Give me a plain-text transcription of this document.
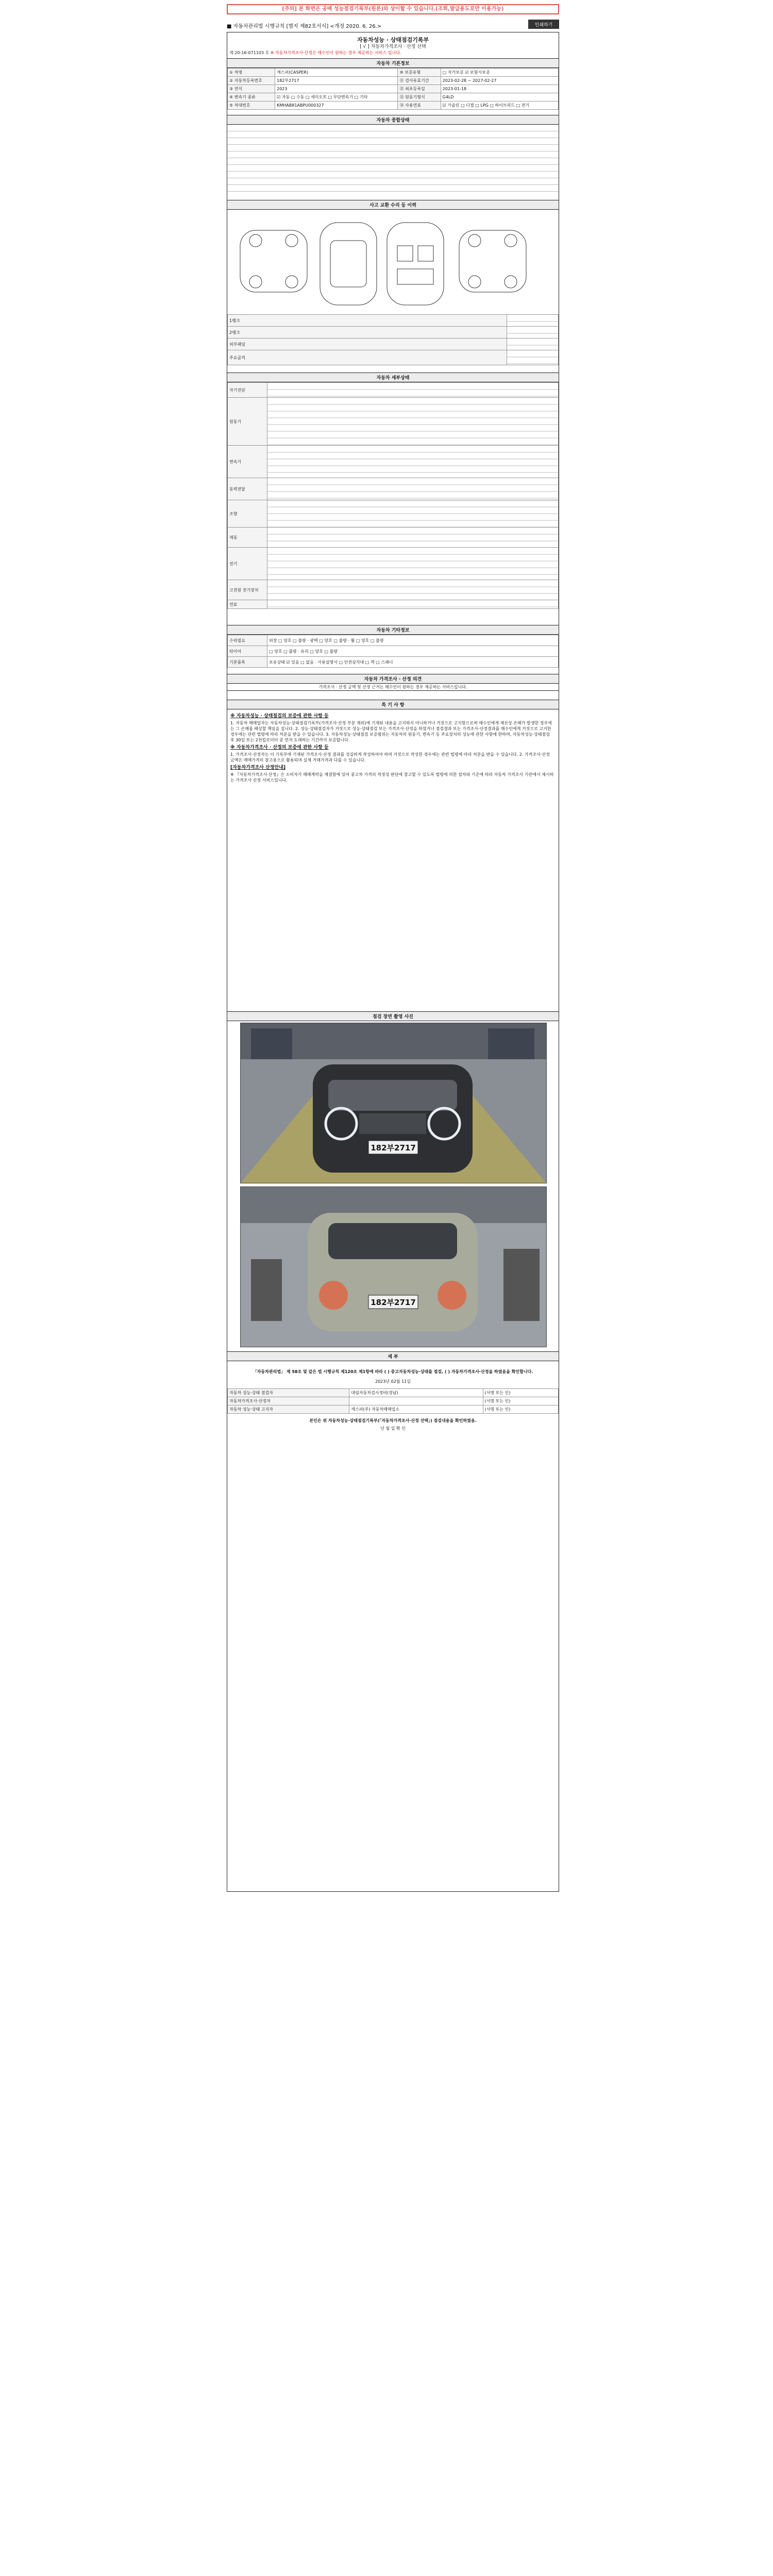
[주의] 본 화면은 공배 성능점검기록부(원본)와 상이할 수 있습니다.(조회,발급용도로만 이용가능)
■ 자동차관리법 시행규칙 [별지 제82호서식] <개정 2020. 6. 26.>	인쇄하기
자동차성능 · 상태점검기록부
[ √ ] 자동차가격조사 · 산정 선택
제 20-16-071103 호 ※ 자동차가격조사·산정은 매수인이 원하는 경우 제공하는 서비스 입니다.
자동차 기본정보
① 차명	캐스퍼(CASPER)	⑩ 보증유형	□ 자가보증 ☑ 보험사보증
② 자동차등록번호	182부2717	⑪ 검사유효기간	2023-02-28 ~ 2027-02-27
③ 연식	2023	⑫ 최초등록일	2023-01-18
④ 변속기 종류	☑ 자동 □ 수동 □ 세미오토 □ 무단변속기 □ 기타	⑬ 원동기형식	G4LD
⑤ 차대번호	KMHAB81ABPU000327	⑭ 사용연료	☑ 가솔린 □ 디젤 □ LPG □ 하이브리드 □ 전기
자동차 종합상태
사고 교환 수리 등 이력
1랭크	
2랭크	
외부패널	
주요골격	
자동차 세부상태
자기진단	
원동기	
변속기	
동력전달	
조향	
제동	
전기	
고전원 전기장치	
연료	
자동차 기타정보
수리필요	외장 □ 양호 □ 불량 · 광택 □ 양호 □ 불량 · 휠 □ 양호 □ 불량
타이어	□ 양호 □ 불량 · 유리 □ 양호 □ 불량
기본품목	보유상태 ☑ 있음 □ 없음 · 사용설명서 □ 안전삼각대 □ 잭 □ 스패너
자동차 가격조사 · 산정 의견
가격조사 · 산정 금액 및 산정 근거는 매수인이 원하는 경우 제공하는 서비스입니다.
특 기 사 항
※ 자동차성능 · 상태점검의 보증에 관한 사항 등

1. 자동차 매매업자는 자동차성능·상태점검기록부(가격조사·산정 부분 제외)에 기재된 내용을 고지하지 아니하거나 거짓으로 고지함으로써 매수인에게 재산상 손해가 발생한 경우에는 그 손해를 배상할 책임을 집니다. 2. 성능·상태점검자가 거짓으로 성능·상태점검 또는 가격조사·산정을 하였거나 점검결과 또는 가격조사·산정결과를 매수인에게 거짓으로 고지한 경우에는 관련 법령에 따라 처분을 받을 수 있습니다. 3. 자동차성능·상태점검 보증범위는 자동차의 원동기, 변속기 등 주요장치의 성능에 관한 사항에 한하며, 자동차성능·상태점검 후 30일 또는 2천킬로미터 중 먼저 도래하는 기간까지 보증합니다.

※ 자동차가격조사 · 산정의 보증에 관한 사항 등

1. 가격조사·산정자는 이 기록부에 기재된 가격조사·산정 결과를 성실하게 작성하여야 하며 거짓으로 작성한 경우에는 관련 법령에 따라 처분을 받을 수 있습니다. 2. 가격조사·산정 금액은 매매가격의 참고용으로 활용되며 실제 거래가격과 다를 수 있습니다.

[자동차가격조사 산정안내]

※ 『자동차가격조사·산정』은 소비자가 매매계약을 체결함에 있어 중고차 가격의 적정성 판단에 참고할 수 있도록 법령에 의한 절차와 기준에 따라 자동차 가격조사 기관에서 제시하는 가격조사 산정 서비스입니다.

점검 장면 촬영 사진
182부2717
182부2717
세 부
「자동차관리법」 제 58조 및 같은 법 시행규칙 제120조 제1항에 따라 ( ) 중고자동차성능·상태를 점검, ( ) 자동차가격조사·산정을 하였음을 확인합니다.
2023년 02월 11일
자동차 성능·상태 점검자	대림자동차검사정비(경남)	(서명 또는 인)
자동차가격조사·산정자		(서명 또는 인)
자동차 성능·상태 고지자	캐스퍼(주) 자동차매매업소	(서명 또는 인)
본인은 위 자동차성능·상태점검기록부(「자동차가격조사·산정 선택」) 점검내용을 확인하였음.
년 월 일 확 인
